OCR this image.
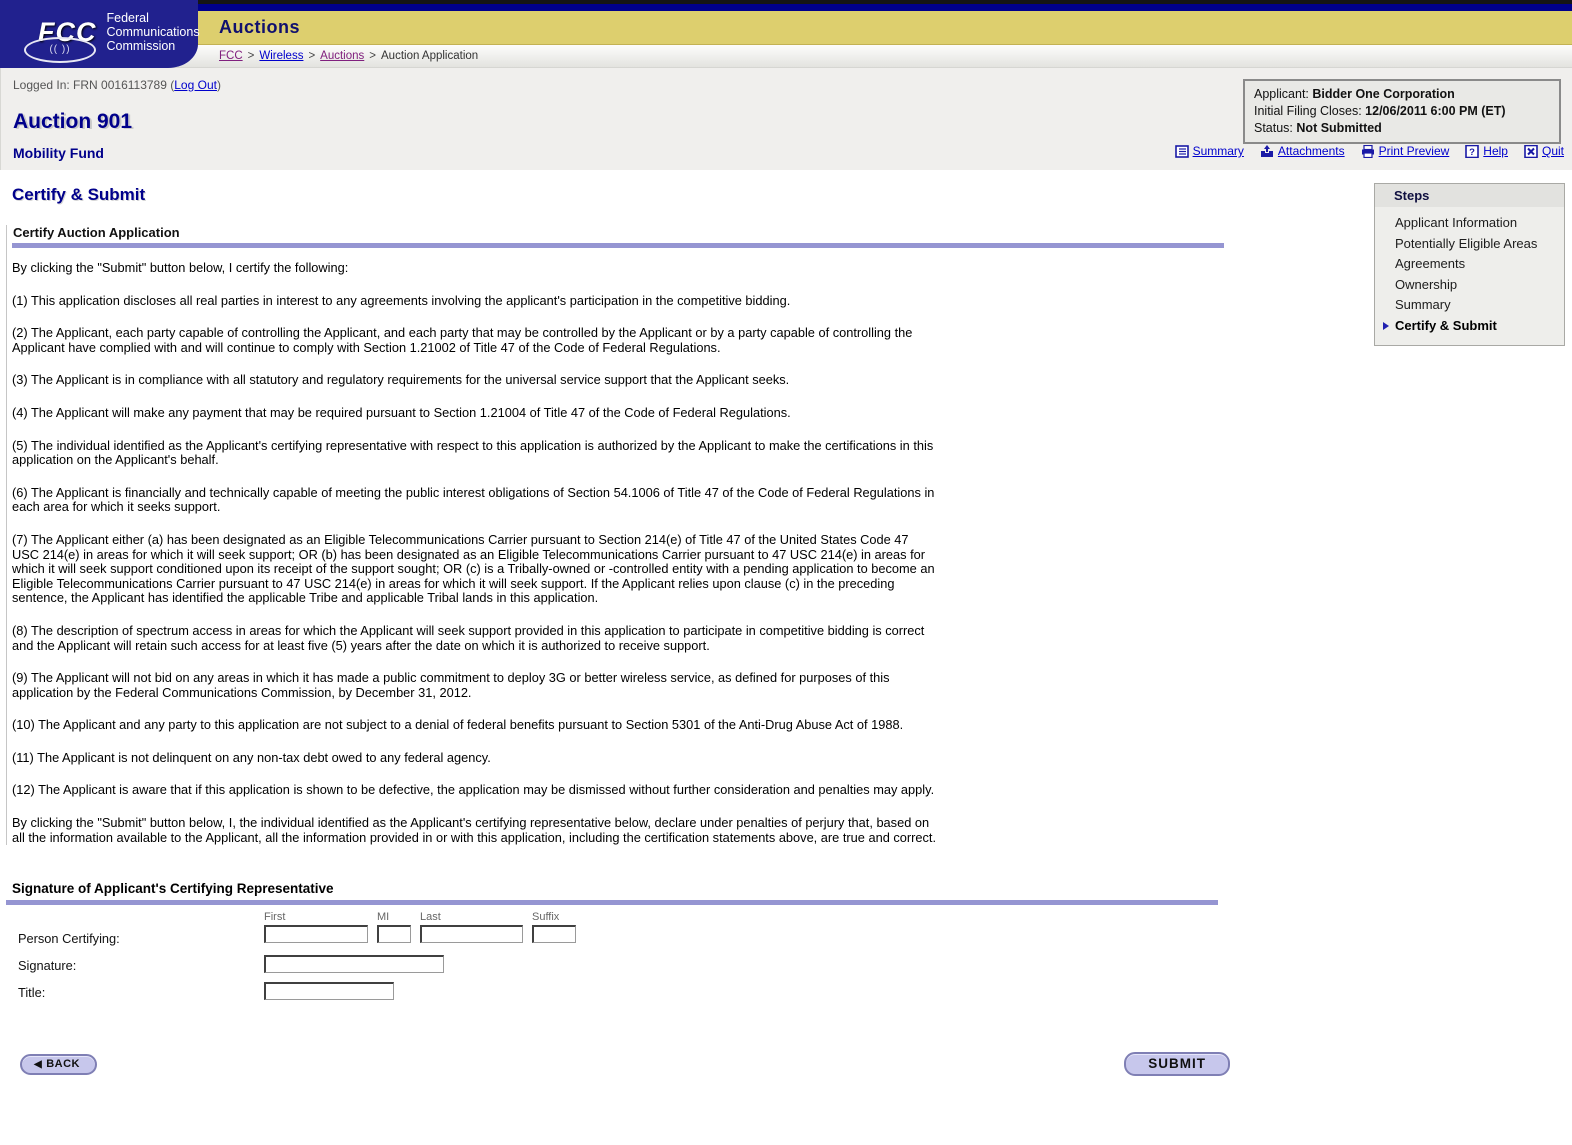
Auctions
FCC > Wireless > Auctions > Auction Application
FCC
(( ))
Federal
Communications
Commission
Logged In: FRN 0016113789 (Log Out)
Applicant: Bidder One Corporation
Initial Filing Closes: 12/06/2011 6:00 PM (ET)
Status: Not Submitted
Auction 901
Mobility Fund	Summary	Attachments	Print Preview ? Help	Quit
Steps
Applicant Information
Potentially Eligible Areas
Agreements
Ownership
Summary
Certify & Submit
Certify & Submit
Certify Auction Application

By clicking the "Submit" button below, I certify the following:

(1) This application discloses all real parties in interest to any agreements involving the applicant's participation in the competitive bidding.

(2) The Applicant, each party capable of controlling the Applicant, and each party that may be controlled by the Applicant or by a party capable of controlling the Applicant have complied with and will continue to comply with Section 1.21002 of Title 47 of the Code of Federal Regulations.

(3) The Applicant is in compliance with all statutory and regulatory requirements for the universal service support that the Applicant seeks.

(4) The Applicant will make any payment that may be required pursuant to Section 1.21004 of Title 47 of the Code of Federal Regulations.

(5) The individual identified as the Applicant's certifying representative with respect to this application is authorized by the Applicant to make the certifications in this application on the Applicant's behalf.

(6) The Applicant is financially and technically capable of meeting the public interest obligations of Section 54.1006 of Title 47 of the Code of Federal Regulations in each area for which it seeks support.

(7) The Applicant either (a) has been designated as an Eligible Telecommunications Carrier pursuant to Section 214(e) of Title 47 of the United States Code 47 USC 214(e) in areas for which it will seek support; OR (b) has been designated as an Eligible Telecommunications Carrier pursuant to 47 USC 214(e) in areas for which it will seek support conditioned upon its receipt of the support sought; OR (c) is a Tribally-owned or -controlled entity with a pending application to become an Eligible Telecommunications Carrier pursuant to 47 USC 214(e) in areas for which it will seek support. If the Applicant relies upon clause (c) in the preceding sentence, the Applicant has identified the applicable Tribe and applicable Tribal lands in this application.

(8) The description of spectrum access in areas for which the Applicant will seek support provided in this application to participate in competitive bidding is correct and the Applicant will retain such access for at least five (5) years after the date on which it is authorized to receive support.

(9) The Applicant will not bid on any areas in which it has made a public commitment to deploy 3G or better wireless service, as defined for purposes of this application by the Federal Communications Commission, by December 31, 2012.

(10) The Applicant and any party to this application are not subject to a denial of federal benefits pursuant to Section 5301 of the Anti-Drug Abuse Act of 1988.

(11) The Applicant is not delinquent on any non-tax debt owed to any federal agency.

(12) The Applicant is aware that if this application is shown to be defective, the application may be dismissed without further consideration and penalties may apply.

By clicking the "Submit" button below, I, the individual identified as the Applicant's certifying representative below, declare under penalties of perjury that, based on all the information available to the Applicant, all the information provided in or with this application, including the certification statements above, are true and correct.

Signature of Applicant's Certifying Representative
Person Certifying:
First	MI	Last	Suffix
Signature:
Title:
◀ BACK	SUBMIT
